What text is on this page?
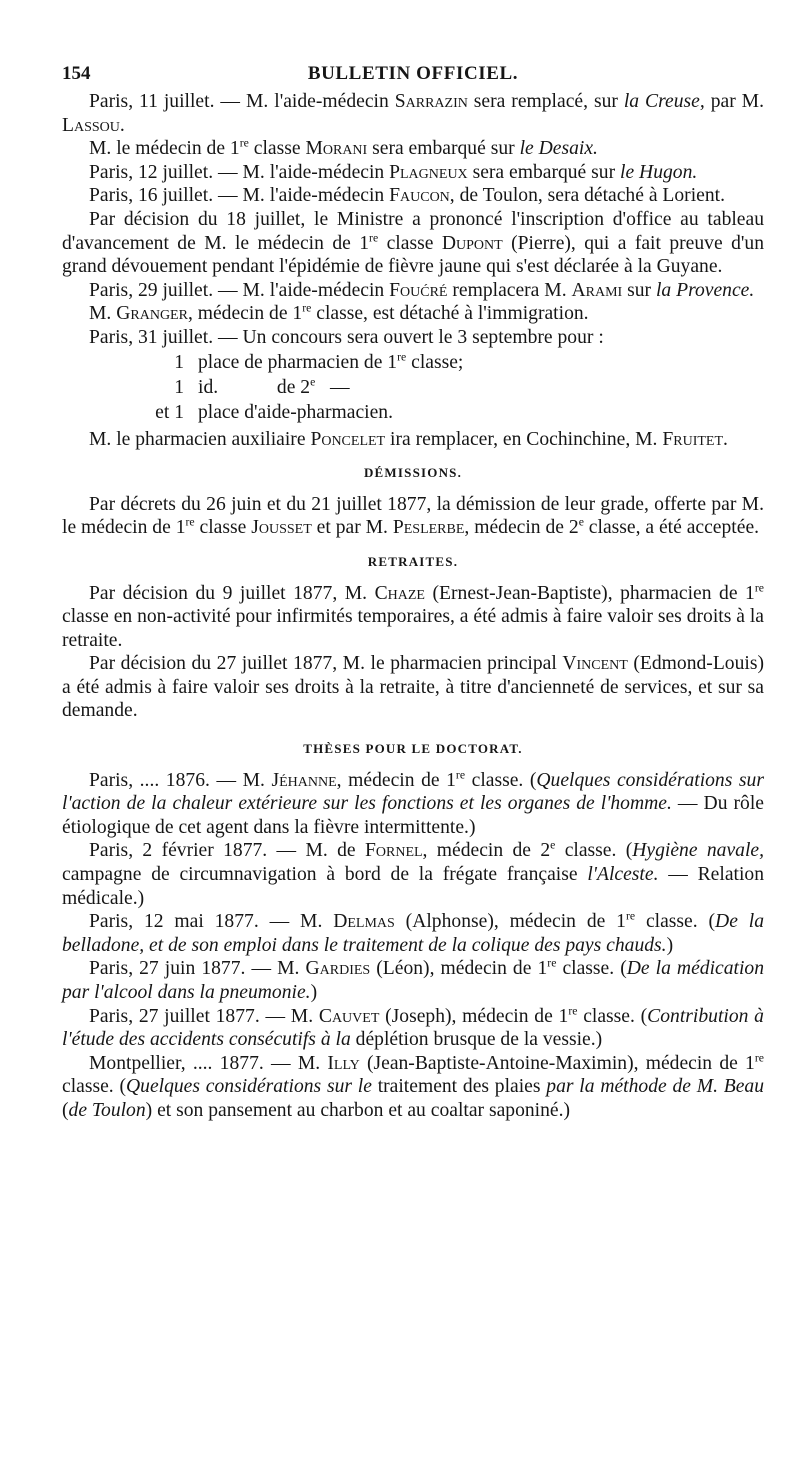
154	BULLETIN OFFICIEL.

Paris, 11 juillet. — M. l'aide-médecin Sarrazin sera remplacé, sur la Creuse, par M. Lassou.

M. le médecin de 1re classe Morani sera embarqué sur le Desaix.

Paris, 12 juillet. — M. l'aide-médecin Plagneux sera embarqué sur le Hugon.

Paris, 16 juillet. — M. l'aide-médecin Faucon, de Toulon, sera détaché à Lorient.

Par décision du 18 juillet, le Ministre a prononcé l'inscription d'office au tableau d'avancement de M. le médecin de 1re classe Dupont (Pierre), qui a fait preuve d'un grand dévouement pendant l'épidémie de fièvre jaune qui s'est déclarée à la Guyane.

Paris, 29 juillet. — M. l'aide-médecin Foućré remplacera M. Arami sur la Provence.

M. Granger, médecin de 1re classe, est détaché à l'immigration.

Paris, 31 juillet. — Un concours sera ouvert le 3 septembre pour :

1 place de pharmacien de 1re classe;
1 id.            de 2e   —
et 1 place d'aide-pharmacien.

M. le pharmacien auxiliaire Poncelet ira remplacer, en Cochinchine, M. Fruitet.

DÉMISSIONS.

Par décrets du 26 juin et du 21 juillet 1877, la démission de leur grade, offerte par M. le médecin de 1re classe Jousset et par M. Peslerbe, médecin de 2e classe, a été acceptée.

RETRAITES.

Par décision du 9 juillet 1877, M. Chaze (Ernest-Jean-Baptiste), pharmacien de 1re classe en non-activité pour infirmités temporaires, a été admis à faire valoir ses droits à la retraite.

Par décision du 27 juillet 1877, M. le pharmacien principal Vincent (Edmond-Louis) a été admis à faire valoir ses droits à la retraite, à titre d'ancienneté de services, et sur sa demande.

THÈSES POUR LE DOCTORAT.

Paris, .... 1876. — M. Jéhanne, médecin de 1re classe. (Quelques considérations sur l'action de la chaleur extérieure sur les fonctions et les organes de l'homme. — Du rôle étiologique de cet agent dans la fièvre intermittente.)

Paris, 2 février 1877. — M. de Fornel, médecin de 2e classe. (Hygiène navale, campagne de circumnavigation à bord de la frégate française l'Alceste. — Relation médicale.)

Paris, 12 mai 1877. — M. Delmas (Alphonse), médecin de 1re classe. (De la belladone, et de son emploi dans le traitement de la colique des pays chauds.)

Paris, 27 juin 1877. — M. Gardies (Léon), médecin de 1re classe. (De la médication par l'alcool dans la pneumonie.)

Paris, 27 juillet 1877. — M. Cauvet (Joseph), médecin de 1re classe. (Contribution à l'étude des accidents consécutifs à la déplétion brusque de la vessie.)

Montpellier, .... 1877. — M. Illy (Jean-Baptiste-Antoine-Maximin), médecin de 1re classe. (Quelques considérations sur le traitement des plaies par la méthode de M. Beau (de Toulon) et son pansement au charbon et au coaltar saponiné.)
